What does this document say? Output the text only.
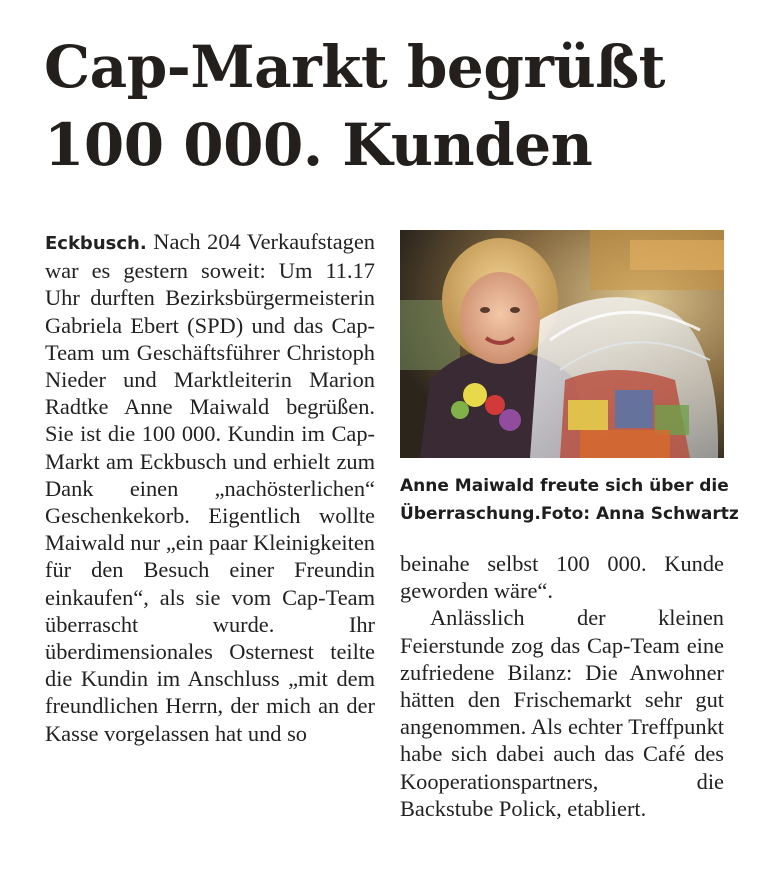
Cap-Markt begrüßt
100 000. Kunden

Eckbusch. Nach 204 Verkaufstagen war es gestern soweit: Um 11.17 Uhr durften Bezirksbürgermeisterin Gabriela Ebert (SPD) und das Cap-Team um Geschäftsführer Christoph Nieder und Marktleiterin Marion Radtke Anne Maiwald begrüßen. Sie ist die 100 000. Kundin im Cap-Markt am Eckbusch und erhielt zum Dank einen „nachösterlichen“ Geschenkekorb. Eigentlich wollte Maiwald nur „ein paar Kleinigkeiten für den Besuch einer Freundin einkaufen“, als sie vom Cap-Team überrascht wurde. Ihr überdimensionales Osternest teilte die Kundin im Anschluss „mit dem freundlichen Herrn, der mich an der Kasse vorgelassen hat und so

Anne Maiwald freute sich über die
Überraschung. Foto: Anna Schwartz

beinahe selbst 100 000. Kunde geworden wäre“.

Anlässlich der kleinen Feierstunde zog das Cap-Team eine zufriedene Bilanz: Die Anwohner hätten den Frischemarkt sehr gut angenommen. Als echter Treffpunkt habe sich dabei auch das Café des Kooperationspartners, die Backstube Polick, etabliert.
